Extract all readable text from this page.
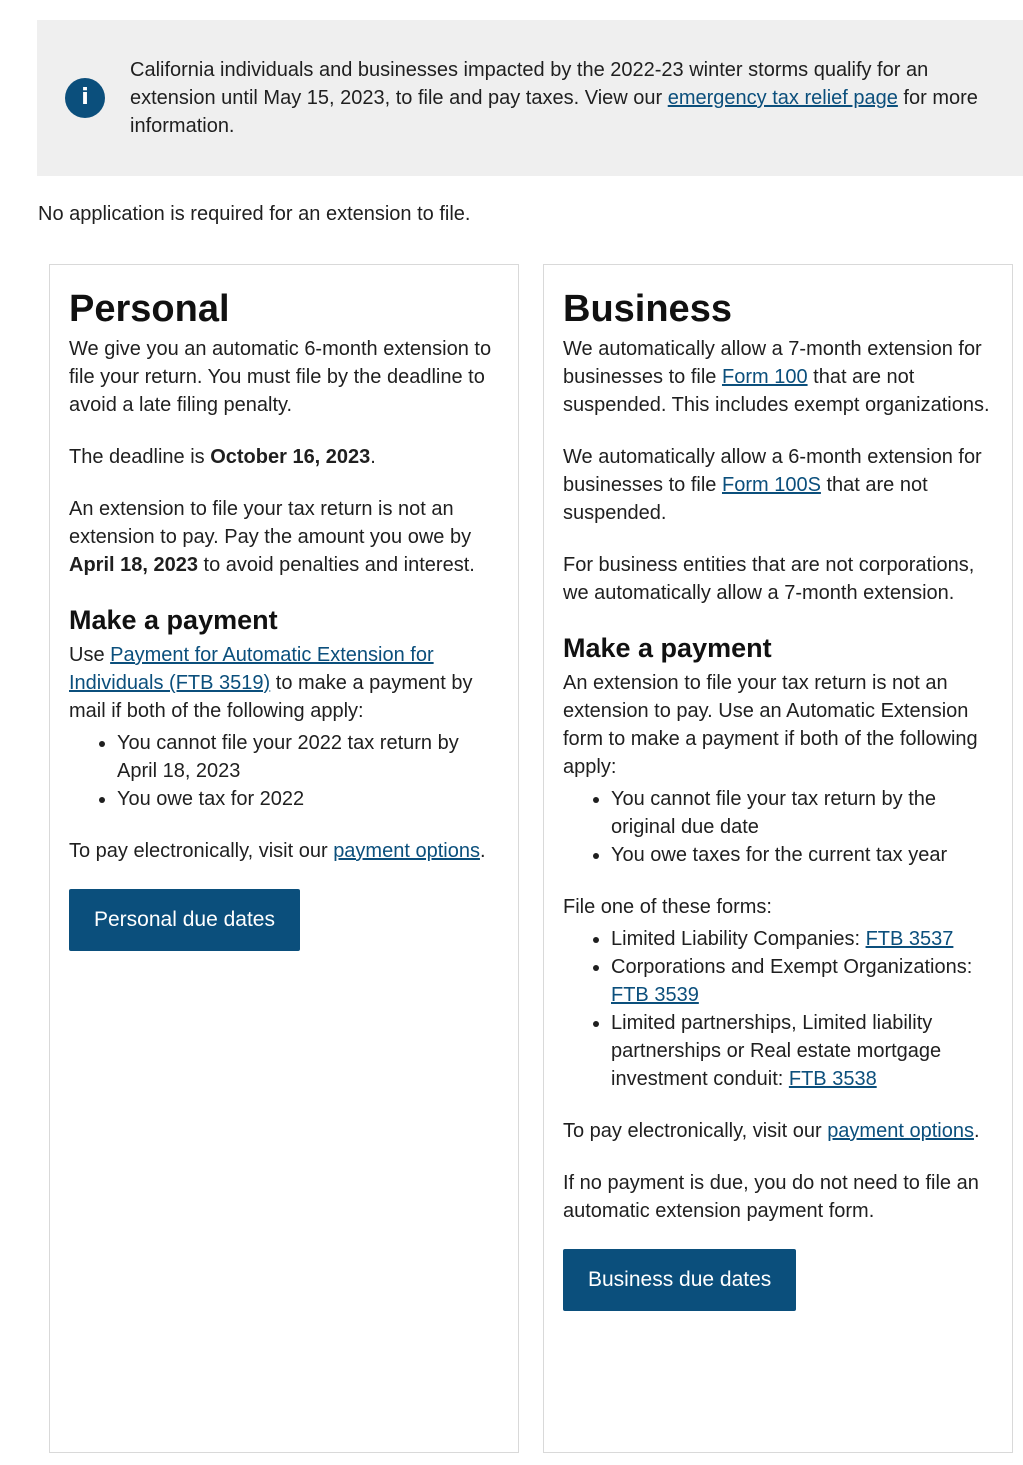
i
California individuals and businesses impacted by the 2022-23 winter storms qualify for an extension until May 15, 2023, to file and pay taxes. View our emergency tax relief page for more information.
No application is required for an extension to file.
Personal

We give you an automatic 6-month extension to file your return. You must file by the deadline to avoid a late filing penalty.

The deadline is October 16, 2023.

An extension to file your tax return is not an extension to pay. Pay the amount you owe by April 18, 2023 to avoid penalties and interest.

Make a payment

Use Payment for Automatic Extension for Individuals (FTB 3519) to make a payment by mail if both of the following apply:

• You cannot file your 2022 tax return by April 18, 2023
• You owe tax for 2022

To pay electronically, visit our payment options.

Personal due dates
Business

We automatically allow a 7-month extension for businesses to file Form 100 that are not suspended. This includes exempt organizations.

We automatically allow a 6-month extension for businesses to file Form 100S that are not suspended.

For business entities that are not corporations, we automatically allow a 7-month extension.

Make a payment

An extension to file your tax return is not an extension to pay. Use an Automatic Extension form to make a payment if both of the following apply:

• You cannot file your tax return by the original due date
• You owe taxes for the current tax year

File one of these forms:

• Limited Liability Companies: FTB 3537
• Corporations and Exempt Organizations: FTB 3539
• Limited partnerships, Limited liability partnerships or Real estate mortgage investment conduit: FTB 3538

To pay electronically, visit our payment options.

If no payment is due, you do not need to file an automatic extension payment form.

Business due dates
